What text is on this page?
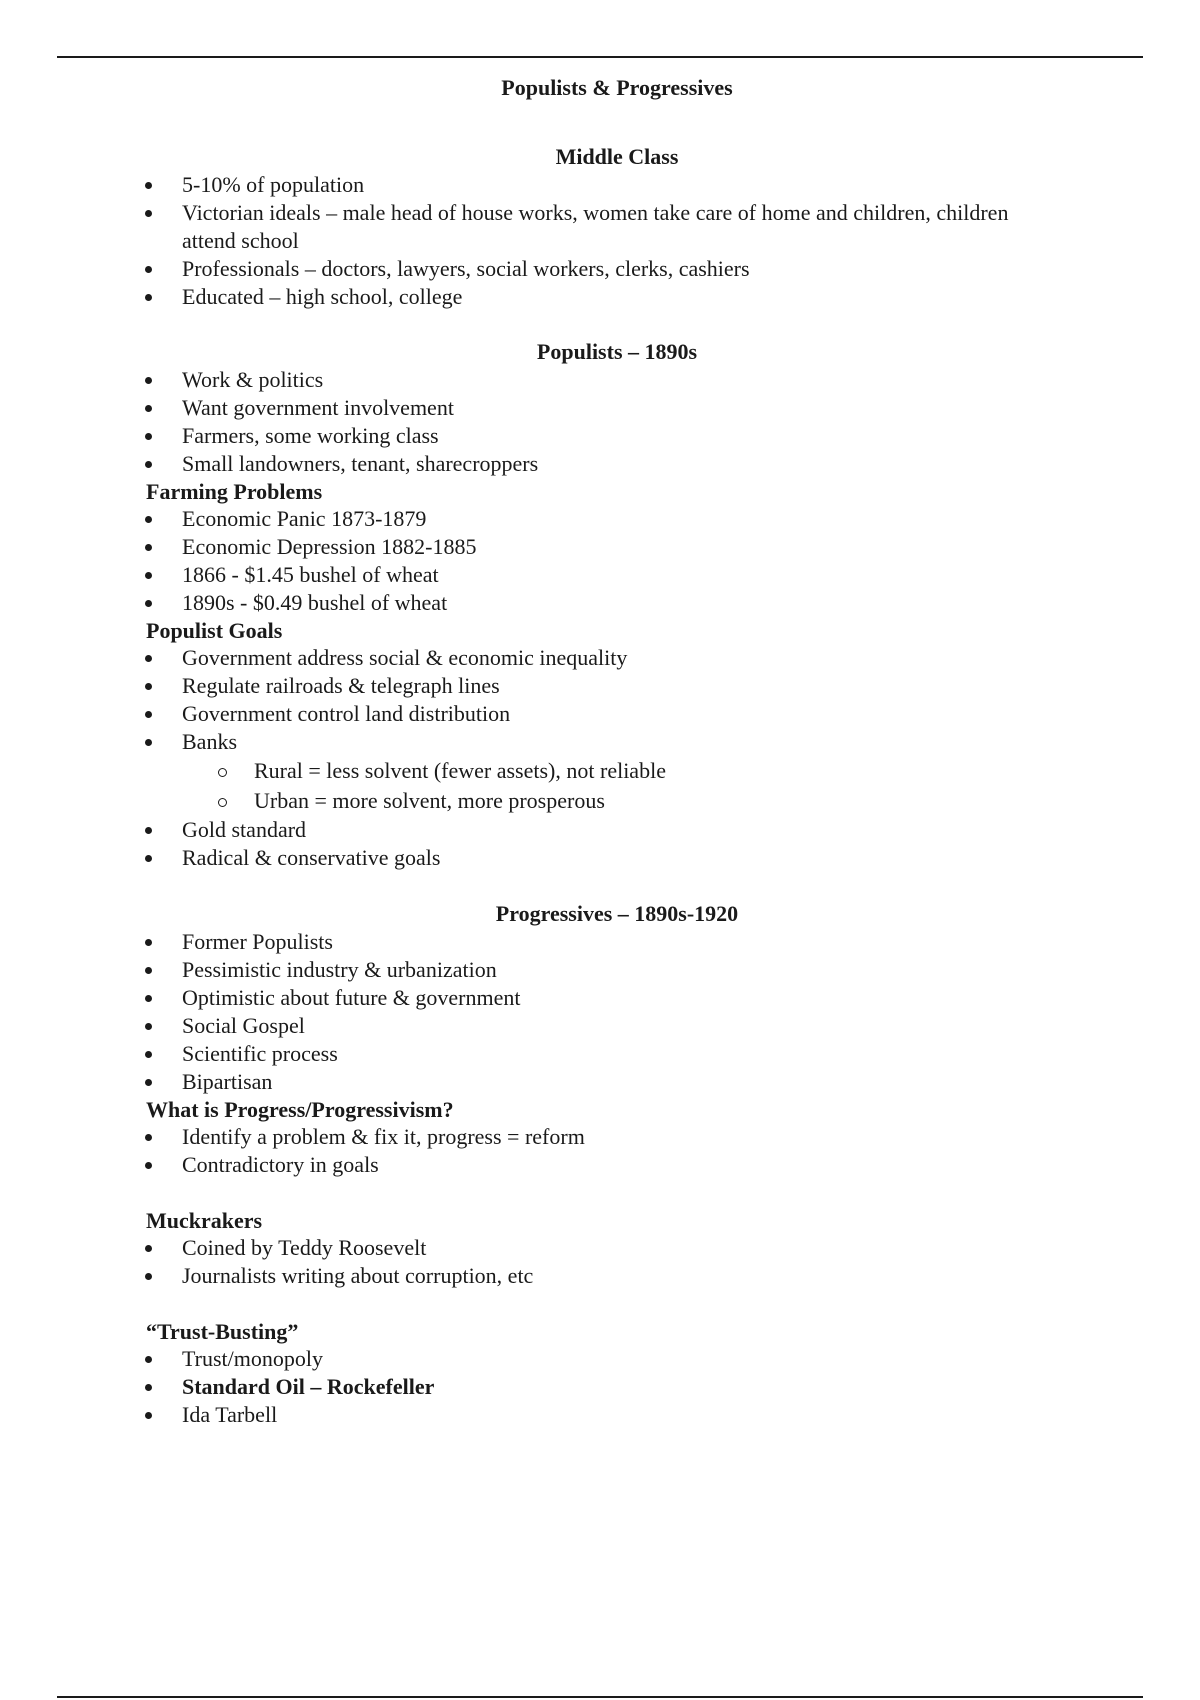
Populists & Progressives
Middle Class
5-10% of population
Victorian ideals – male head of house works, women take care of home and children, children attend school
Professionals – doctors, lawyers, social workers, clerks, cashiers
Educated – high school, college
Populists – 1890s
Work & politics
Want government involvement
Farmers, some working class
Small landowners, tenant, sharecroppers
Farming Problems
Economic Panic 1873-1879
Economic Depression 1882-1885
1866 - $1.45 bushel of wheat
1890s - $0.49 bushel of wheat
Populist Goals
Government address social & economic inequality
Regulate railroads & telegraph lines
Government control land distribution
Banks
Rural = less solvent (fewer assets), not reliable
Urban = more solvent, more prosperous
Gold standard
Radical & conservative goals
Progressives – 1890s-1920
Former Populists
Pessimistic industry & urbanization
Optimistic about future & government
Social Gospel
Scientific process
Bipartisan
What is Progress/Progressivism?
Identify a problem & fix it, progress = reform
Contradictory in goals
Muckrakers
Coined by Teddy Roosevelt
Journalists writing about corruption, etc
“Trust-Busting”
Trust/monopoly
Standard Oil – Rockefeller
Ida Tarbell
